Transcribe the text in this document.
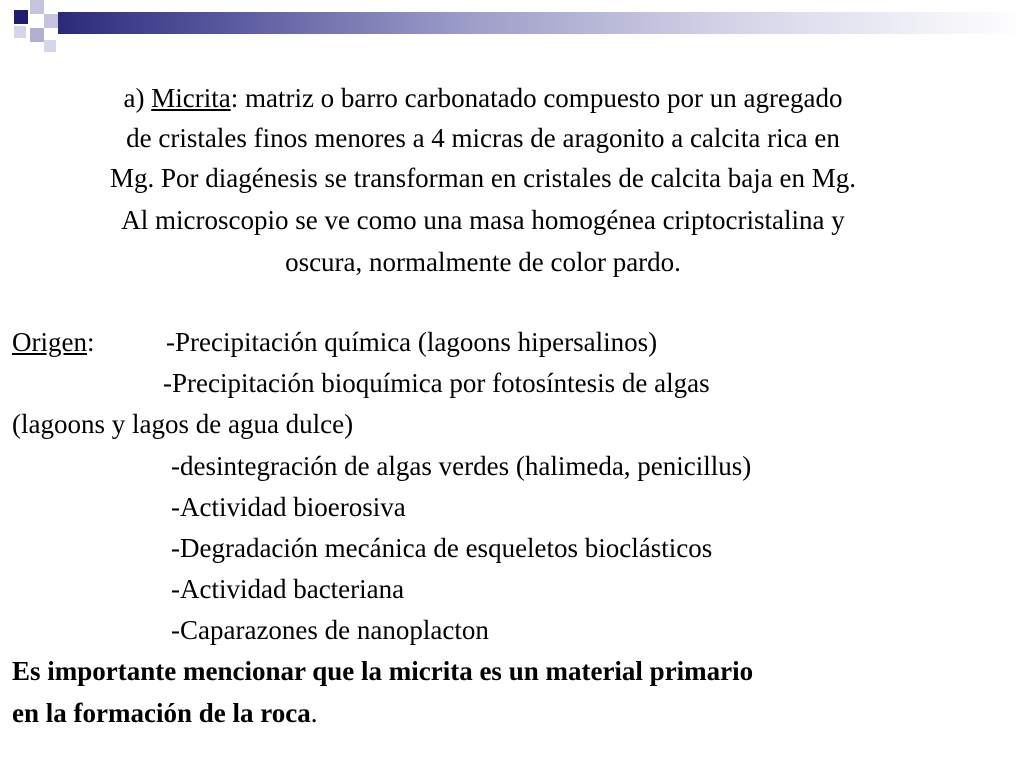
a) Micrita: matriz o barro carbonatado compuesto por un agregado
de cristales finos menores a 4 micras de aragonito a calcita rica en
Mg. Por diagénesis se transforman en cristales de calcita baja en Mg.
Al microscopio se ve como una masa homogénea criptocristalina y
oscura, normalmente de color pardo.
Origen:	-Precipitación química (lagoons hipersalinos)
-Precipitación bioquímica por fotosíntesis de algas
(lagoons y lagos de agua dulce)
-desintegración de algas verdes (halimeda, penicillus)
-Actividad bioerosiva
-Degradación mecánica de esqueletos bioclásticos
-Actividad bacteriana
-Caparazones de nanoplacton
Es importante mencionar que la micrita es un material primario
en la formación de la roca.
